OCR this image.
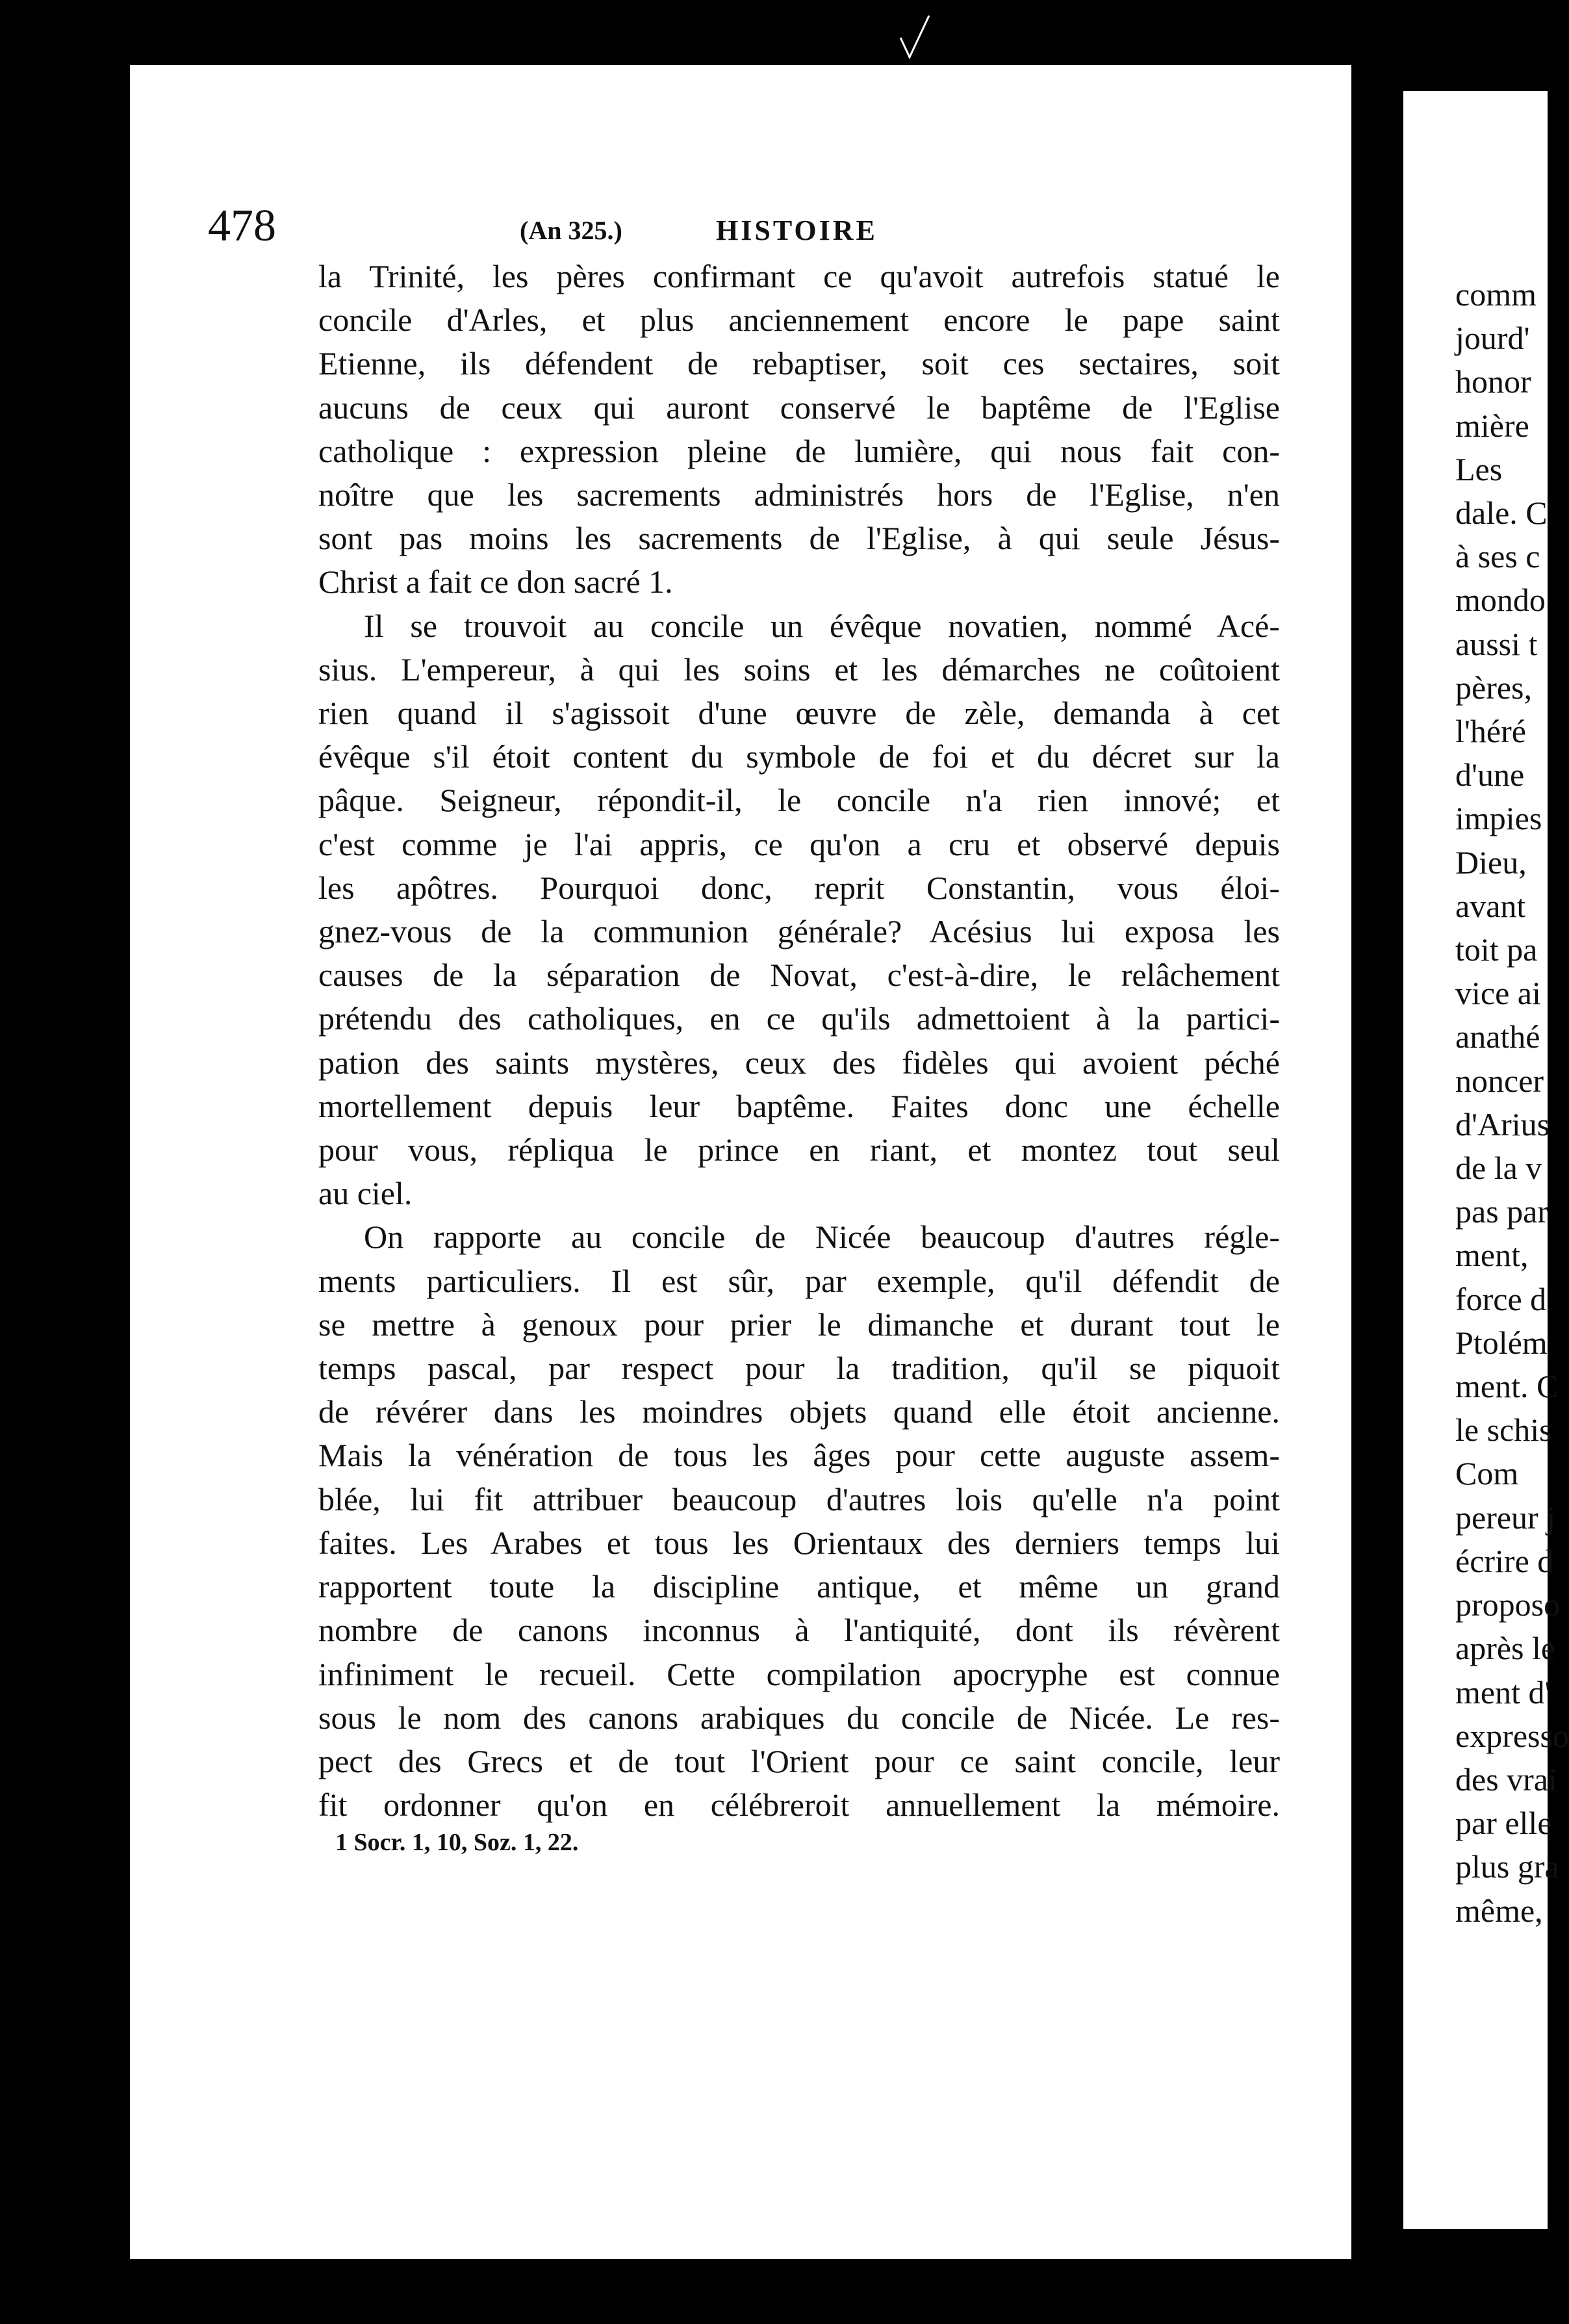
comm
jourd'
honor
mière
Les
dale. C
à ses c
mondo
aussi t
pères,
l'héré
d'une
impies
Dieu,
avant
toit pa
vice ai
anathé
noncer
d'Arius
de la v
pas par
ment,
force d
Ptolém
ment. C
le schis
Com
pereur j
écrire d
proposo
après le
ment d'
expresso
des vrai
par elle
plus gra
même,
478	(An 325.)	HISTOIRE
la Trinité, les pères confirmant ce qu'avoit autrefois statué le
concile d'Arles, et plus anciennement encore le pape saint
Etienne, ils défendent de rebaptiser, soit ces sectaires, soit
aucuns de ceux qui auront conservé le baptême de l'Eglise
catholique : expression pleine de lumière, qui nous fait con-
noître que les sacrements administrés hors de l'Eglise, n'en
sont pas moins les sacrements de l'Eglise, à qui seule Jésus-
Christ a fait ce don sacré 1.
Il se trouvoit au concile un évêque novatien, nommé Acé-
sius. L'empereur, à qui les soins et les démarches ne coûtoient
rien quand il s'agissoit d'une œuvre de zèle, demanda à cet
évêque s'il étoit content du symbole de foi et du décret sur la
pâque. Seigneur, répondit-il, le concile n'a rien innové; et
c'est comme je l'ai appris, ce qu'on a cru et observé depuis
les apôtres. Pourquoi donc, reprit Constantin, vous éloi-
gnez-vous de la communion générale? Acésius lui exposa les
causes de la séparation de Novat, c'est-à-dire, le relâchement
prétendu des catholiques, en ce qu'ils admettoient à la partici-
pation des saints mystères, ceux des fidèles qui avoient péché
mortellement depuis leur baptême. Faites donc une échelle
pour vous, répliqua le prince en riant, et montez tout seul
au ciel.
On rapporte au concile de Nicée beaucoup d'autres régle-
ments particuliers. Il est sûr, par exemple, qu'il défendit de
se mettre à genoux pour prier le dimanche et durant tout le
temps pascal, par respect pour la tradition, qu'il se piquoit
de révérer dans les moindres objets quand elle étoit ancienne.
Mais la vénération de tous les âges pour cette auguste assem-
blée, lui fit attribuer beaucoup d'autres lois qu'elle n'a point
faites. Les Arabes et tous les Orientaux des derniers temps lui
rapportent toute la discipline antique, et même un grand
nombre de canons inconnus à l'antiquité, dont ils révèrent
infiniment le recueil. Cette compilation apocryphe est connue
sous le nom des canons arabiques du concile de Nicée. Le res-
pect des Grecs et de tout l'Orient pour ce saint concile, leur
fit ordonner qu'on en célébreroit annuellement la mémoire.
1 Socr. 1, 10, Soz. 1, 22.
